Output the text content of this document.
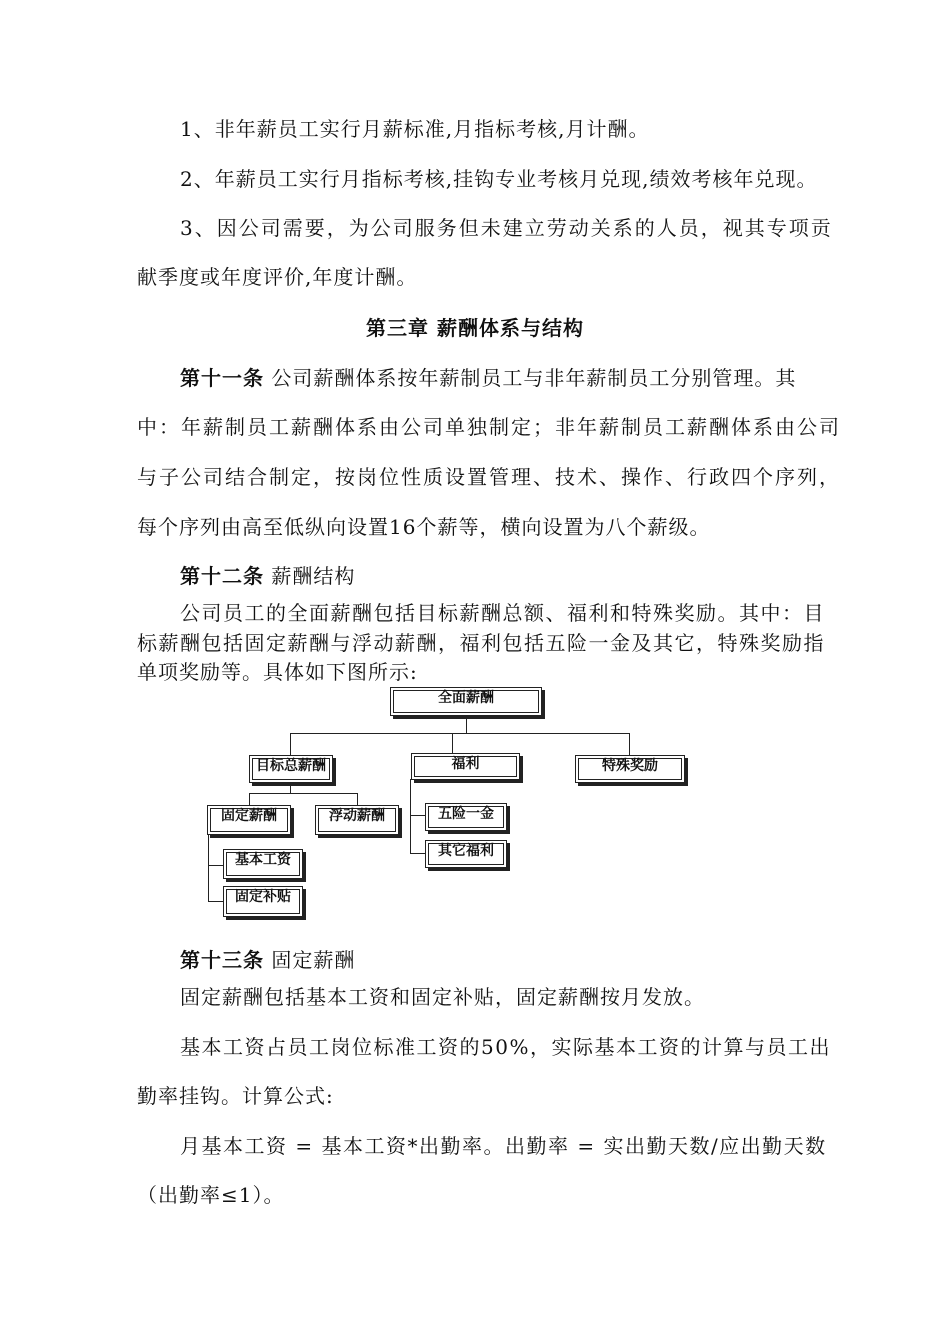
1、非年薪员工实行月薪标准,月指标考核,月计酬。
2、年薪员工实行月指标考核,挂钩专业考核月兑现,绩效考核年兑现。
3、因公司需要，为公司服务但未建立劳动关系的人员，视其专项贡
献季度或年度评价,年度计酬。
第三章 薪酬体系与结构
第十一条 公司薪酬体系按年薪制员工与非年薪制员工分别管理。其
中：年薪制员工薪酬体系由公司单独制定；非年薪制员工薪酬体系由公司
与子公司结合制定，按岗位性质设置管理、技术、操作、行政四个序列，
每个序列由高至低纵向设置16个薪等，横向设置为八个薪级。
第十二条 薪酬结构
公司员工的全面薪酬包括目标薪酬总额、福利和特殊奖励。其中：目
标薪酬包括固定薪酬与浮动薪酬，福利包括五险一金及其它，特殊奖励指
单项奖励等。具体如下图所示:
全面薪酬
目标总薪酬	福利	特殊奖励
固定薪酬	浮动薪酬	五险一金
其它福利
基本工资
固定补贴
第十三条 固定薪酬
固定薪酬包括基本工资和固定补贴，固定薪酬按月发放。
基本工资占员工岗位标准工资的50%，实际基本工资的计算与员工出
勤率挂钩。计算公式:
月基本工资 = 基本工资*出勤率。出勤率 = 实出勤天数/应出勤天数
（出勤率≤1）。
